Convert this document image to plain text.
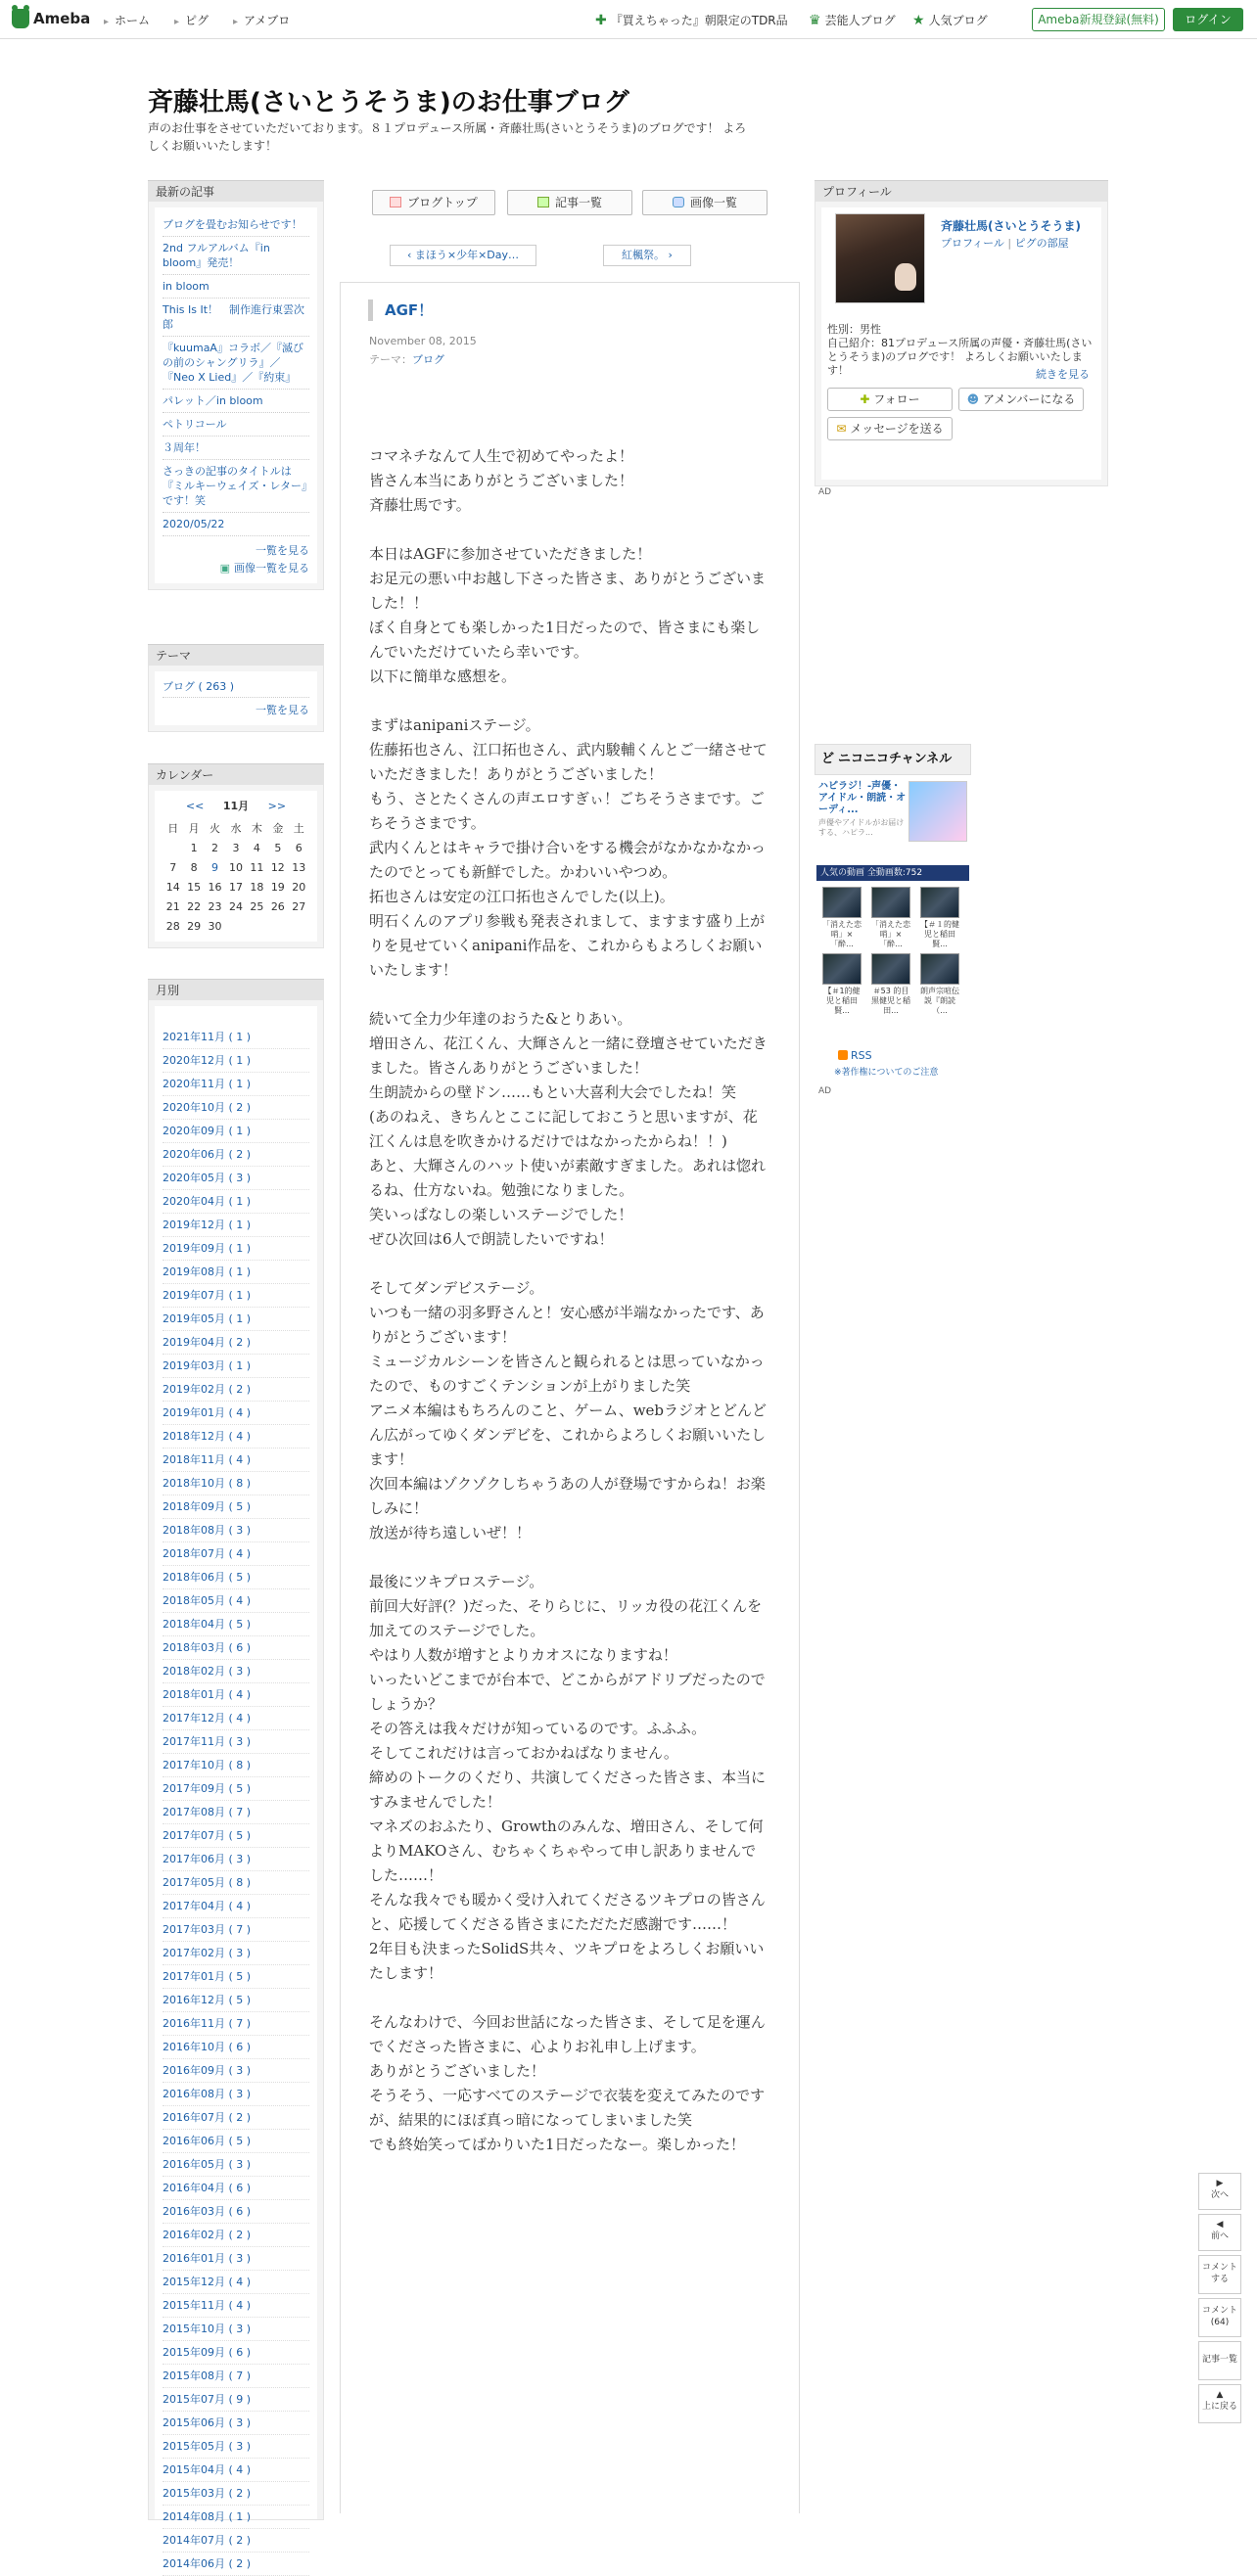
Ameba	▸ ホーム	▸ ピグ	▸ アメブロ	✚ 『買えちゃった』朝限定のTDR品 ♛ 芸能人ブログ ★ 人気ブログ	Ameba新規登録(無料)	ログイン
斉藤壮馬(さいとうそうま)のお仕事ブログ
声のお仕事をさせていただいております。８１プロデュース所属・斉藤壮馬(さいとうそうま)のブログです！ よろしくお願いいたします！
最新の記事
ブログを畳むお知らせです！
2nd フルアルバム『in bloom』発売！
in bloom
This Is It！　制作進行東雲次郎
『kuumaA』コラボ／『滅びの前のシャングリラ』／『Neo X Lied』／『約束』
パレット／in bloom
ペトリコール
３周年！
さっきの記事のタイトルは『ミルキーウェイズ・レター』です！笑
2020/05/22
一覧を見る
▣ 画像一覧を見る
テーマ
ブログ ( 263 )
一覧を見る
カレンダー
<< 11月 >>
日	月	火	水	木	金	土
	1	2	3	4	5	6
7	8	9	10	11	12	13
14	15	16	17	18	19	20
21	22	23	24	25	26	27
28	29	30				
月別
2021年11月 ( 1 )
2020年12月 ( 1 )
2020年11月 ( 1 )
2020年10月 ( 2 )
2020年09月 ( 1 )
2020年06月 ( 2 )
2020年05月 ( 3 )
2020年04月 ( 1 )
2019年12月 ( 1 )
2019年09月 ( 1 )
2019年08月 ( 1 )
2019年07月 ( 1 )
2019年05月 ( 1 )
2019年04月 ( 2 )
2019年03月 ( 1 )
2019年02月 ( 2 )
2019年01月 ( 4 )
2018年12月 ( 4 )
2018年11月 ( 4 )
2018年10月 ( 8 )
2018年09月 ( 5 )
2018年08月 ( 3 )
2018年07月 ( 4 )
2018年06月 ( 5 )
2018年05月 ( 4 )
2018年04月 ( 5 )
2018年03月 ( 6 )
2018年02月 ( 3 )
2018年01月 ( 4 )
2017年12月 ( 4 )
2017年11月 ( 3 )
2017年10月 ( 8 )
2017年09月 ( 5 )
2017年08月 ( 7 )
2017年07月 ( 5 )
2017年06月 ( 3 )
2017年05月 ( 8 )
2017年04月 ( 4 )
2017年03月 ( 7 )
2017年02月 ( 3 )
2017年01月 ( 5 )
2016年12月 ( 5 )
2016年11月 ( 7 )
2016年10月 ( 6 )
2016年09月 ( 3 )
2016年08月 ( 3 )
2016年07月 ( 2 )
2016年06月 ( 5 )
2016年05月 ( 3 )
2016年04月 ( 6 )
2016年03月 ( 6 )
2016年02月 ( 2 )
2016年01月 ( 3 )
2015年12月 ( 4 )
2015年11月 ( 4 )
2015年10月 ( 3 )
2015年09月 ( 6 )
2015年08月 ( 7 )
2015年07月 ( 9 )
2015年06月 ( 3 )
2015年05月 ( 3 )
2015年04月 ( 4 )
2015年03月 ( 2 )
2014年08月 ( 1 )
2014年07月 ( 2 )
2014年06月 ( 2 )
ブログトップ	記事一覧	画像一覧
‹ まほう×少年×Day…	紅楓祭。 ›
AGF！
November 08, 2015
テーマ：ブログ

コマネチなんて人生で初めてやったよ！
皆さん本当にありがとうございました！
斉藤壮馬です。

本日はAGFに参加させていただきました！
お足元の悪い中お越し下さった皆さま、ありがとうございました！！
ぼく自身とても楽しかった1日だったので、皆さまにも楽しんでいただけていたら幸いです。
以下に簡単な感想を。

まずはanipaniステージ。
佐藤拓也さん、江口拓也さん、武内駿輔くんとご一緒させていただきました！ありがとうございました！
もう、さとたくさんの声エロすぎぃ！ごちそうさまです。ごちそうさまです。
武内くんとはキャラで掛け合いをする機会がなかなかなかったのでとっても新鮮でした。かわいいやつめ。
拓也さんは安定の江口拓也さんでした(以上)。
明石くんのアプリ参戦も発表されまして、ますます盛り上がりを見せていくanipani作品を、これからもよろしくお願いいたします！

続いて全力少年達のおうた&とりあい。
増田さん、花江くん、大輝さんと一緒に登壇させていただきました。皆さんありがとうございました！
生朗読からの壁ドン……もとい大喜利大会でしたね！笑
(あのねえ、きちんとここに記しておこうと思いますが、花江くんは息を吹きかけるだけではなかったからね！！)
あと、大輝さんのハット使いが素敵すぎました。あれは惚れるね、仕方ないね。勉強になりました。
笑いっぱなしの楽しいステージでした！
ぜひ次回は6人で朗読したいですね！

そしてダンデビステージ。
いつも一緒の羽多野さんと！安心感が半端なかったです、ありがとうございます！
ミュージカルシーンを皆さんと観られるとは思っていなかったので、ものすごくテンションが上がりました笑
アニメ本編はもちろんのこと、ゲーム、webラジオとどんどん広がってゆくダンデビを、これからよろしくお願いいたします！
次回本編はゾクゾクしちゃうあの人が登場ですからね！お楽しみに！
放送が待ち遠しいぜ！！

最後にツキプロステージ。
前回大好評(？)だった、そりらじに、リッカ役の花江くんを加えてのステージでした。
やはり人数が増すとよりカオスになりますね！
いったいどこまでが台本で、どこからがアドリブだったのでしょうか？
その答えは我々だけが知っているのです。ふふふ。
そしてこれだけは言っておかねばなりません。
締めのトークのくだり、共演してくださった皆さま、本当にすみませんでした！
マネズのおふたり、Growthのみんな、増田さん、そして何よりMAKOさん、むちゃくちゃやって申し訳ありませんでした……！
そんな我々でも暖かく受け入れてくださるツキプロの皆さんと、応援してくださる皆さまにただただ感謝です……！
2年目も決まったSolidS共々、ツキプロをよろしくお願いいたします！

そんなわけで、今回お世話になった皆さま、そして足を運んでくださった皆さまに、心よりお礼申し上げます。
ありがとうございました！
そうそう、一応すべてのステージで衣装を変えてみたのですが、結果的にほぼ真っ暗になってしまいました笑
でも終始笑ってばかりいた1日だったなー。楽しかった！

プロフィール
斉藤壮馬(さいとうそうま)
プロフィール | ピグの部屋
性別：男性
自己紹介：81プロデュース所属の声優・斉藤壮馬(さいとうそうま)のブログです！ よろしくお願いいたします！	続きを見る
✚ フォロー	☻ アメンバーになる
✉ メッセージを送る
AD
ど ニコニコチャンネル
ハピラジ！-声優・アイドル・朗読・オーディ...
声優やアイドルがお届けする、ハピラ...
人気の動画 全動画数:752
「消えた恋哨」×「酔...
「消えた恋哨」×「酔...
【＃１的健児と稲田賢...
【＃1的健児と稲田賢...
＃53 的目黒健児と稲田...
朗声宗喧伝説『朗読（...
RSS
※著作権についてのご注意
AD
▶
次へ
◀
前へ
コメントする
コメント(64)
記事一覧
▲
上に戻る
